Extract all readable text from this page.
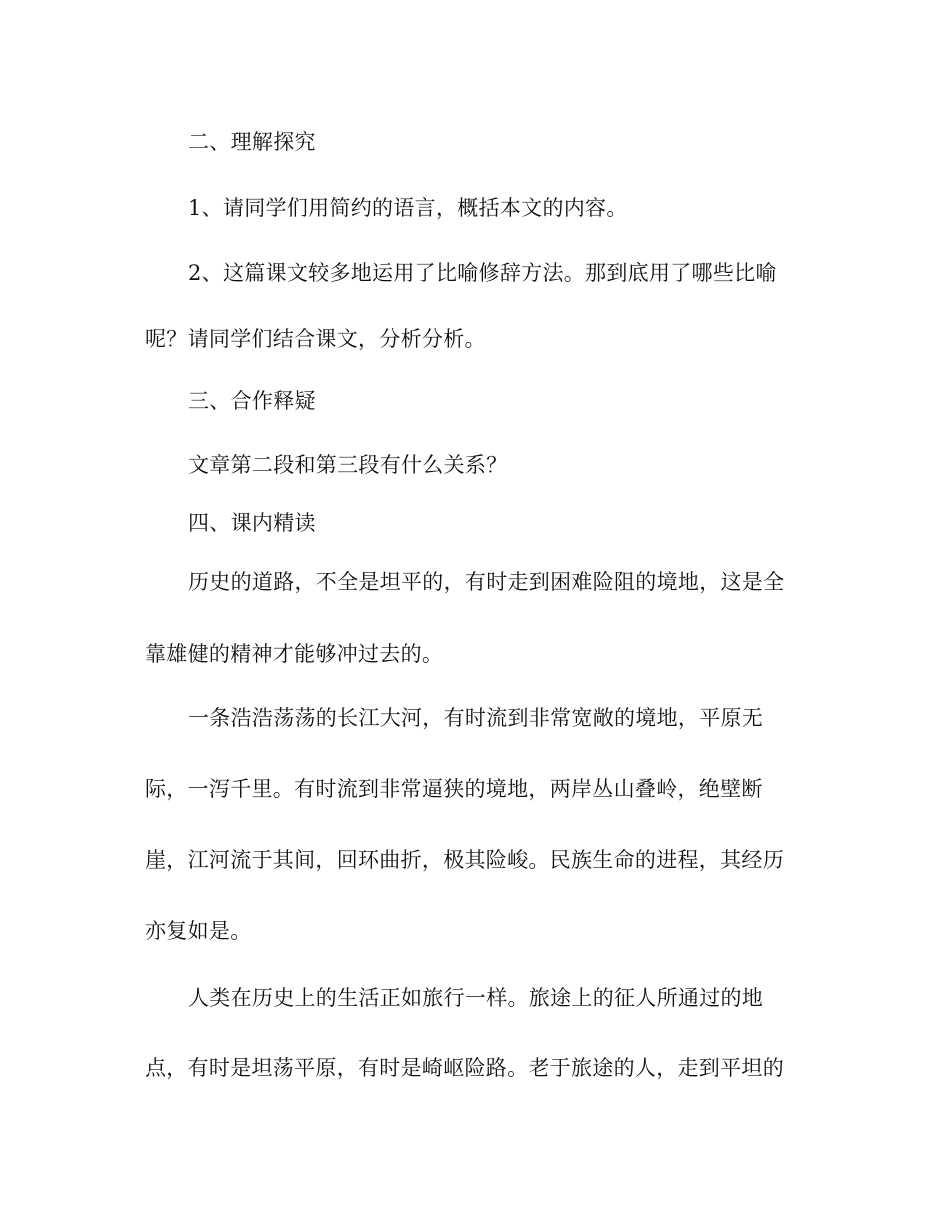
二、理解探究
1、请同学们用简约的语言，概括本文的内容。
2、这篇课文较多地运用了比喻修辞方法。那到底用了哪些比喻
呢？请同学们结合课文，分析分析。
三、合作释疑
文章第二段和第三段有什么关系？
四、课内精读
历史的道路，不全是坦平的，有时走到困难险阻的境地，这是全
靠雄健的精神才能够冲过去的。
一条浩浩荡荡的长江大河，有时流到非常宽敞的境地，平原无
际，一泻千里。有时流到非常逼狭的境地，两岸丛山叠岭，绝壁断
崖，江河流于其间，回环曲折，极其险峻。民族生命的进程，其经历
亦复如是。
人类在历史上的生活正如旅行一样。旅途上的征人所通过的地
点，有时是坦荡平原，有时是崎岖险路。老于旅途的人，走到平坦的
